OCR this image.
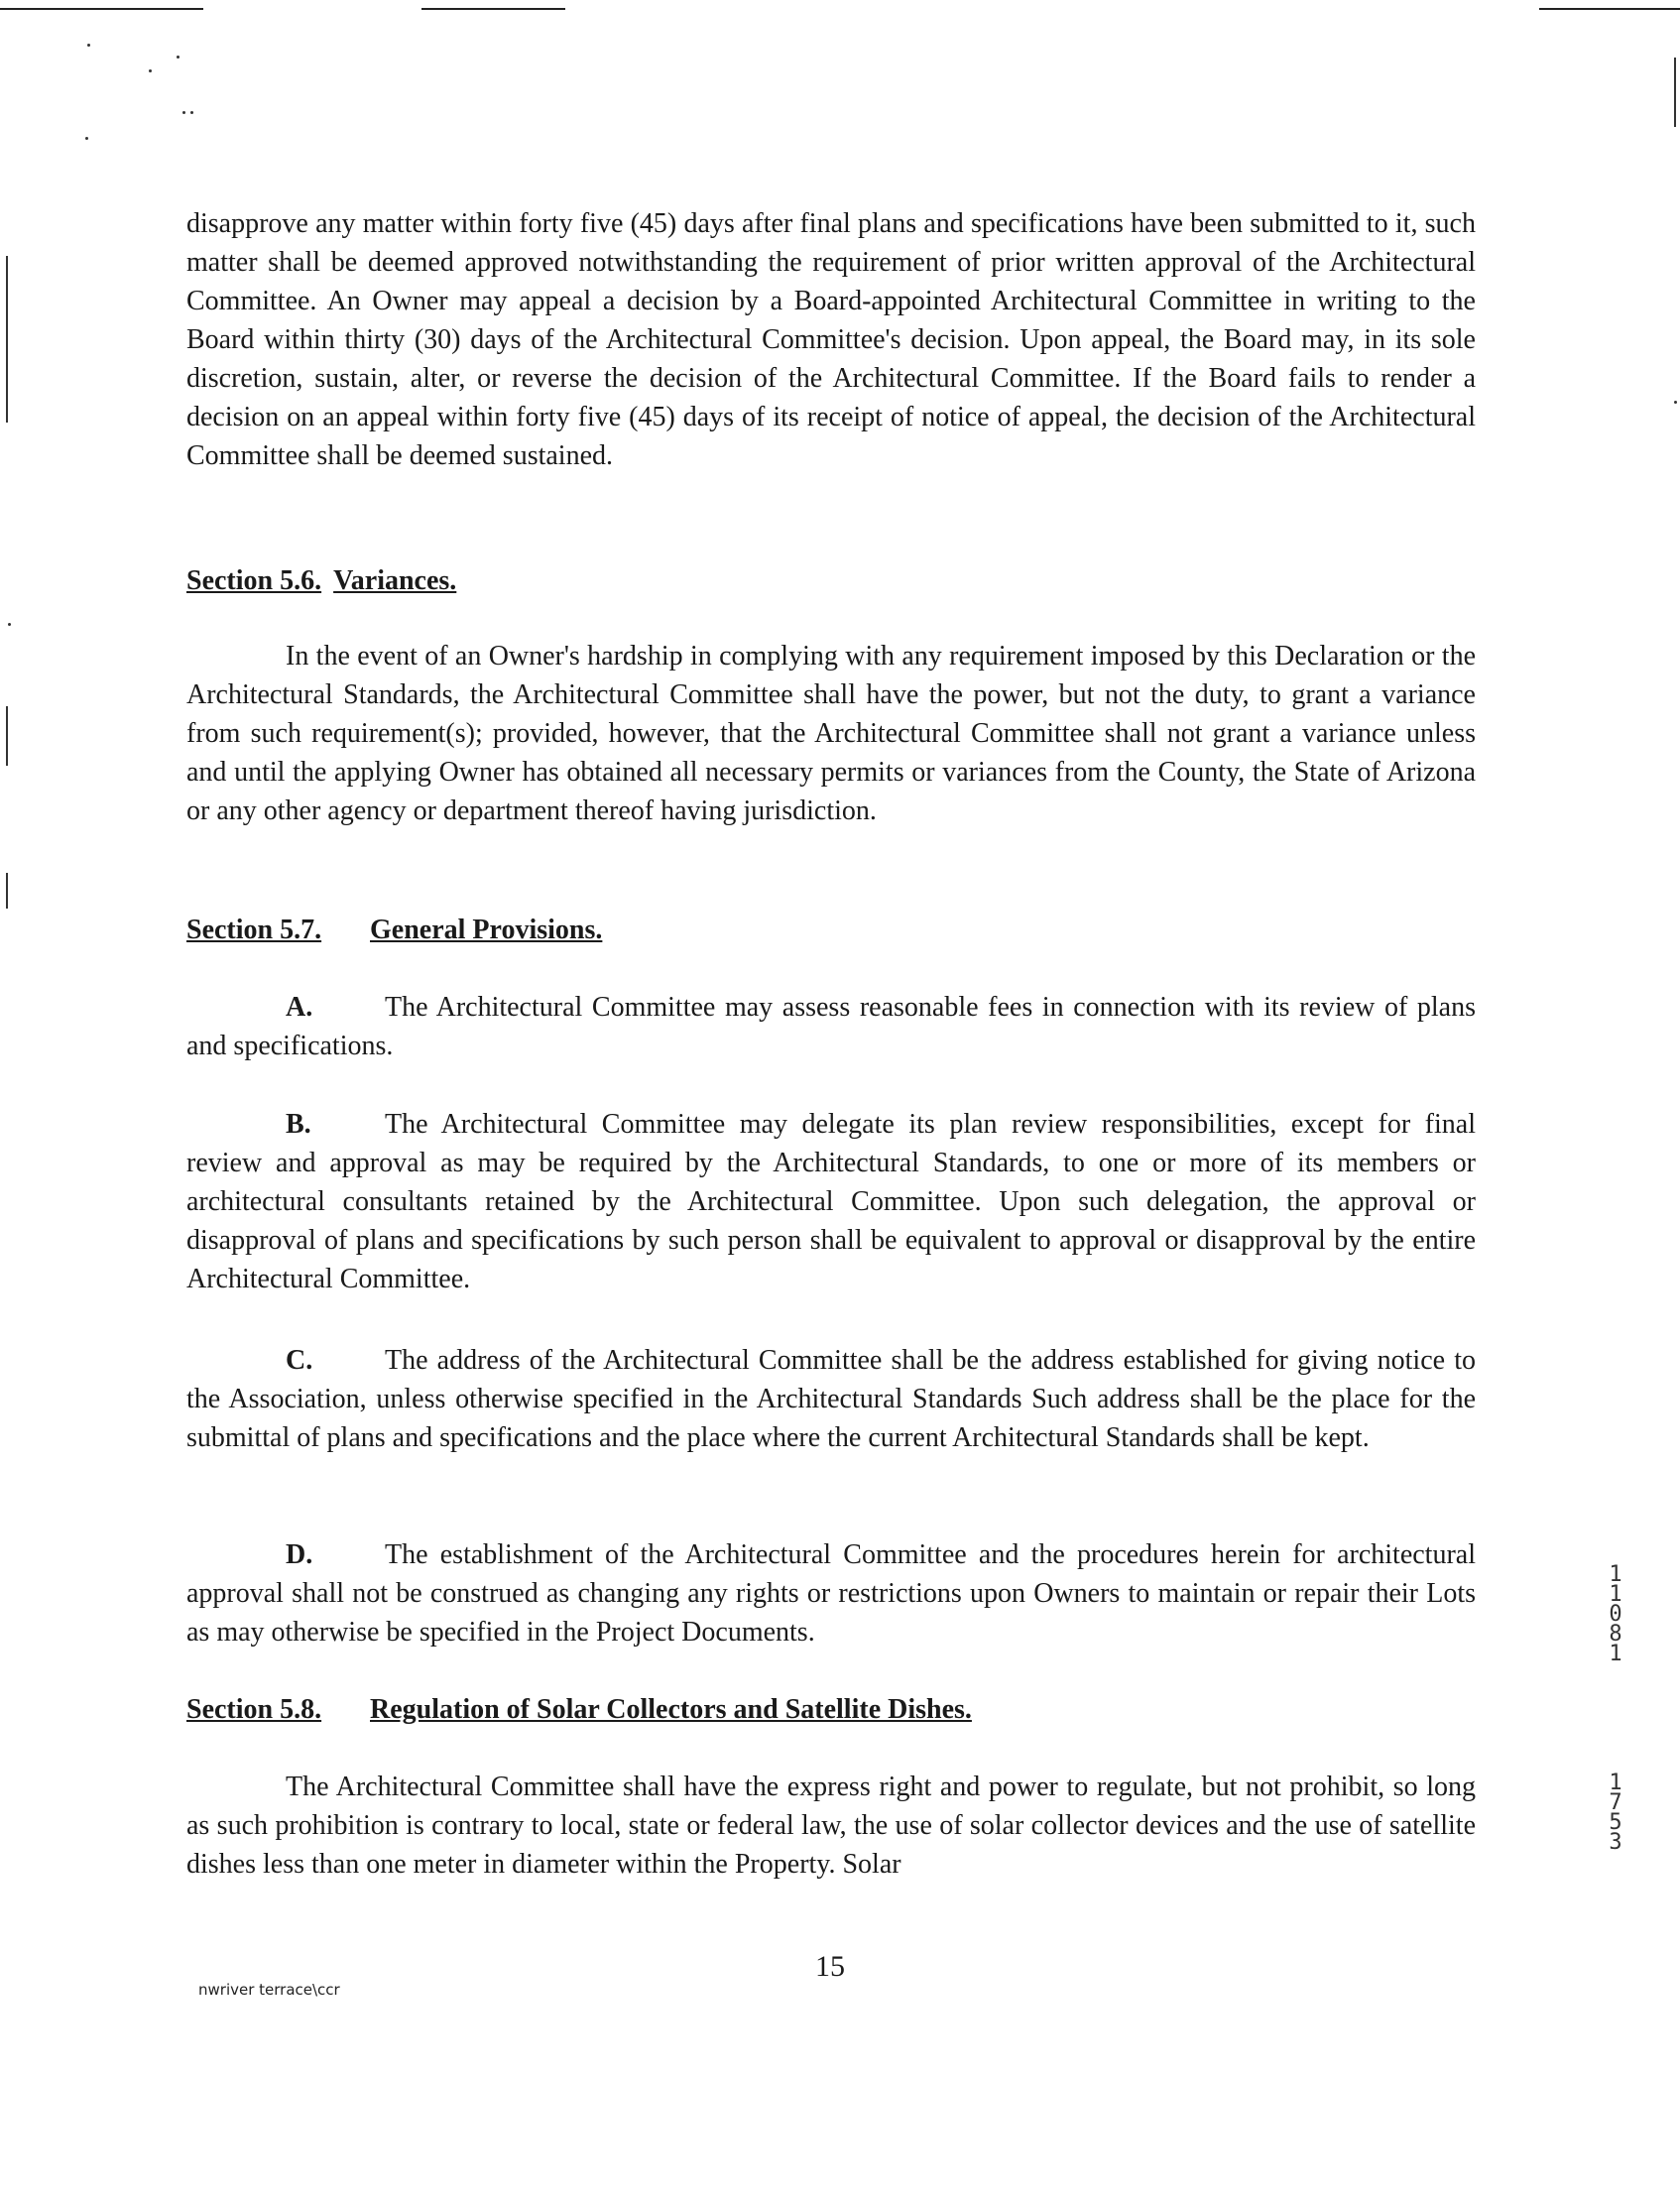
disapprove any matter within forty five (45) days after final plans and specifications have been submitted to it, such matter shall be deemed approved notwithstanding the requirement of prior written approval of the Architectural Committee. An Owner may appeal a decision by a Board-appointed Architectural Committee in writing to the Board within thirty (30) days of the Architectural Committee's decision. Upon appeal, the Board may, in its sole discretion, sustain, alter, or reverse the decision of the Architectural Committee. If the Board fails to render a decision on an appeal within forty five (45) days of its receipt of notice of appeal, the decision of the Architectural Committee shall be deemed sustained.

Section 5.6. Variances.

In the event of an Owner's hardship in complying with any requirement imposed by this Declaration or the Architectural Standards, the Architectural Committee shall have the power, but not the duty, to grant a variance from such requirement(s); provided, however, that the Architectural Committee shall not grant a variance unless and until the applying Owner has obtained all necessary permits or variances from the County, the State of Arizona or any other agency or department thereof having jurisdiction.

Section 5.7. General Provisions.

A.	The Architectural Committee may assess reasonable fees in connection with its review of plans and specifications.

B.	The Architectural Committee may delegate its plan review responsibilities, except for final review and approval as may be required by the Architectural Standards, to one or more of its members or architectural consultants retained by the Architectural Committee. Upon such delegation, the approval or disapproval of plans and specifications by such person shall be equivalent to approval or disapproval by the entire Architectural Committee.

C.	The address of the Architectural Committee shall be the address established for giving notice to the Association, unless otherwise specified in the Architectural Standards Such address shall be the place for the submittal of plans and specifications and the place where the current Architectural Standards shall be kept.

D.	The establishment of the Architectural Committee and the procedures herein for architectural approval shall not be construed as changing any rights or restrictions upon Owners to maintain or repair their Lots as may otherwise be specified in the Project Documents.

Section 5.8. Regulation of Solar Collectors and Satellite Dishes.

The Architectural Committee shall have the express right and power to regulate, but not prohibit, so long as such prohibition is contrary to local, state or federal law, the use of solar collector devices and the use of satellite dishes less than one meter in diameter within the Property. Solar

1 1 0 8 1
1 7 5 3
15
nwriver terrace\ccr
